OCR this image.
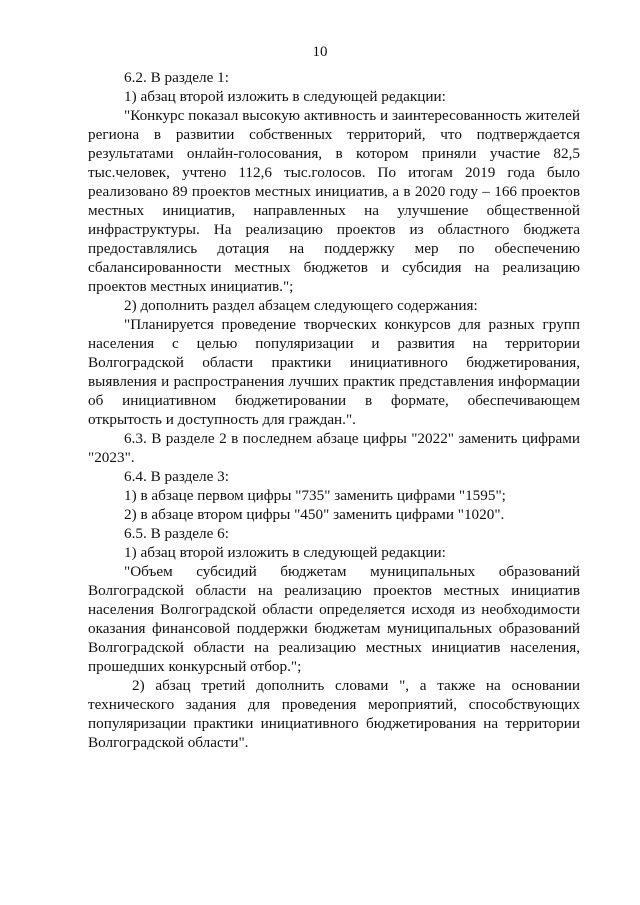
10

6.2. В разделе 1:

1) абзац второй изложить в следующей редакции:

"Конкурс показал высокую активность и заинтересованность жителей региона в развитии собственных территорий, что подтверждается результатами онлайн-голосования, в котором приняли участие 82,5 тыс.человек, учтено 112,6 тыс.голосов. По итогам 2019 года было реализовано 89 проектов местных инициатив, а в 2020 году – 166 проектов местных инициатив, направленных на улучшение общественной инфраструктуры. На реализацию проектов из областного бюджета предоставлялись дотация на поддержку мер по обеспечению сбалансированности местных бюджетов и субсидия на реализацию проектов местных инициатив.";

2) дополнить раздел абзацем следующего содержания:

"Планируется проведение творческих конкурсов для разных групп населения с целью популяризации и развития на территории Волгоградской области практики инициативного бюджетирования, выявления и распространения лучших практик представления информации об инициативном бюджетировании в формате, обеспечивающем открытость и доступность для граждан.".

6.3. В разделе 2 в последнем абзаце цифры "2022" заменить цифрами "2023".

6.4. В разделе 3:

1) в абзаце первом цифры "735" заменить цифрами "1595";

2) в абзаце втором цифры "450" заменить цифрами "1020".

6.5. В разделе 6:

1) абзац второй изложить в следующей редакции:

"Объем субсидий бюджетам муниципальных образований Волгоградской области на реализацию проектов местных инициатив населения Волгоградской области определяется исходя из необходимости оказания финансовой поддержки бюджетам муниципальных образований Волгоградской области на реализацию местных инициатив населения, прошедших конкурсный отбор.";

2) абзац третий дополнить словами ", а также на основании технического задания для проведения мероприятий, способствующих популяризации практики инициативного бюджетирования на территории Волгоградской области".
